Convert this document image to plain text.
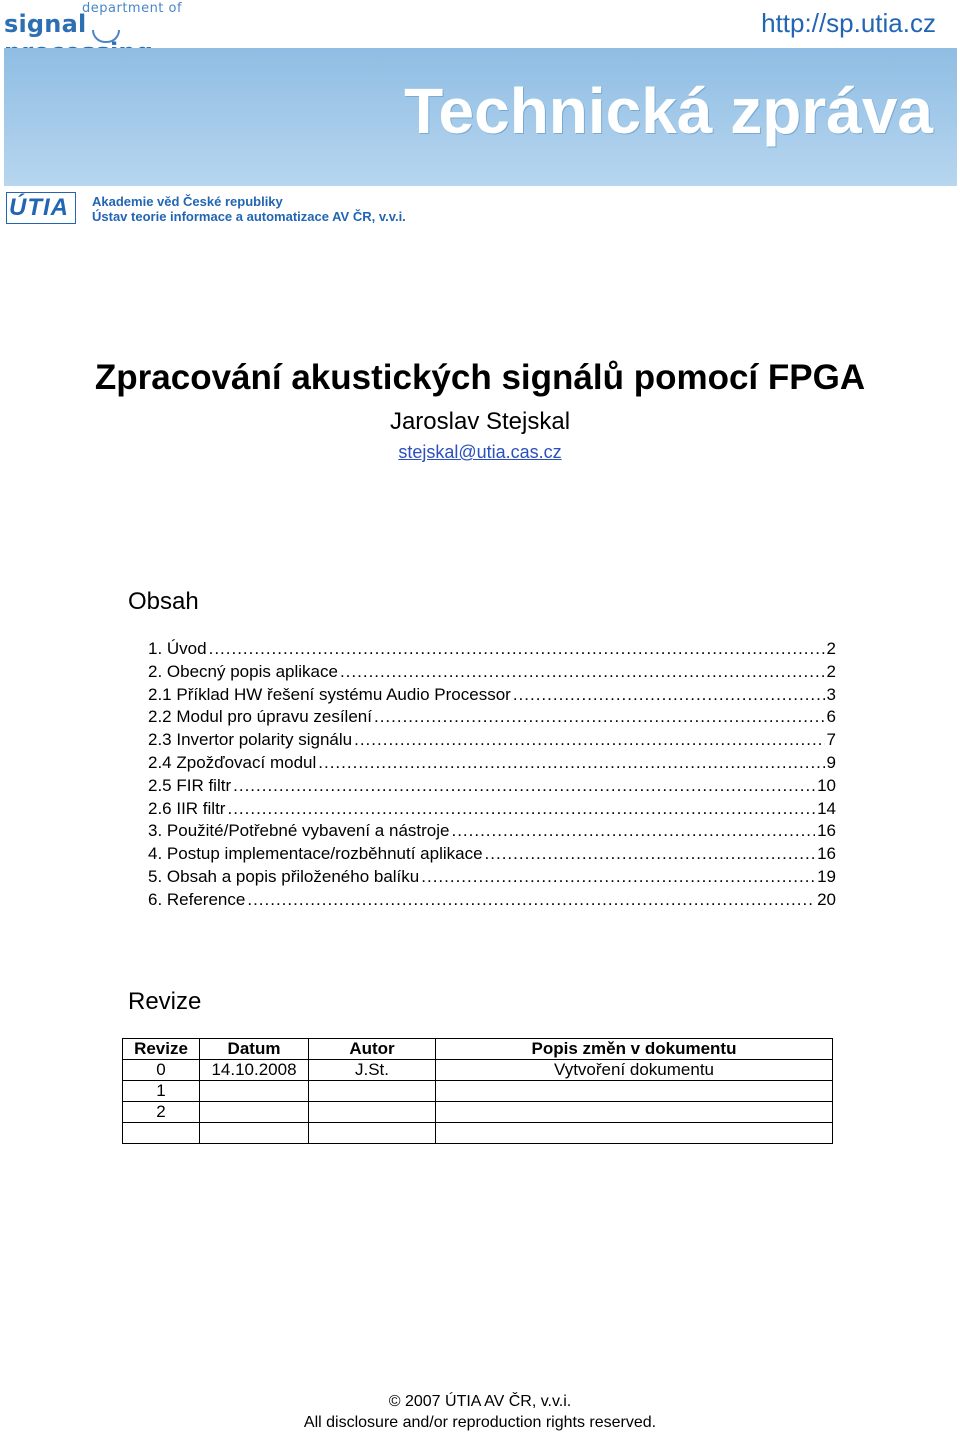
department of
signal	http://sp.utia.cz
Technická zpráva
ÚTIA Akademie věd České republiky
Ústav teorie informace a automatizace AV ČR, v.v.i.
Zpracování akustických signálů pomocí FPGA
Jaroslav Stejskal
stejskal@utia.cas.cz
Obsah
1. Úvod .....	2
2. Obecný popis aplikace .....	2
2.1 Příklad HW řešení systému Audio Processor .....	3
2.2 Modul pro úpravu zesílení .....	6
2.3 Invertor polarity signálu .....	7
2.4 Zpožďovací modul .....	9
2.5 FIR filtr .....	10
2.6 IIR filtr .....	14
3. Použité/Potřebné vybavení a nástroje .....	16
4. Postup implementace/rozběhnutí aplikace .....	16
5. Obsah a popis přiloženého balíku .....	19
6. Reference .....	20
Revize
Revize	Datum	Autor	Popis změn v dokumentu
0	14.10.2008	J.St.	Vytvoření dokumentu
1			
2			

© 2007 ÚTIA AV ČR, v.v.i.
All disclosure and/or reproduction rights reserved.
